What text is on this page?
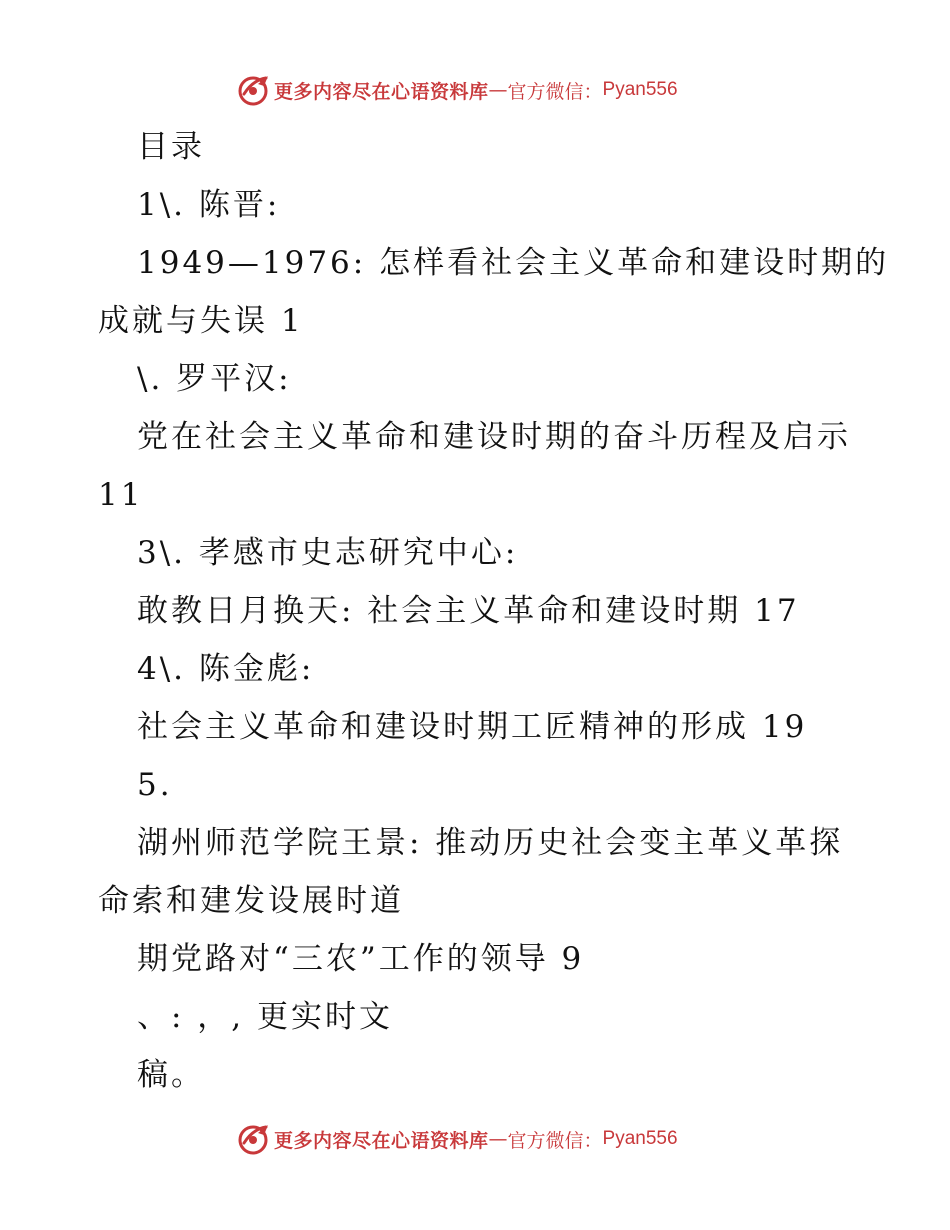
更多内容尽在心语资料库 — 官方微信： Pyan556
目录
1\. 陈晋:
1949—1976: 怎样看社会主义革命和建设时期的
成就与失误 1
\. 罗平汉:
党在社会主义革命和建设时期的奋斗历程及启示
11
3\. 孝感市史志研究中心:
敢教日月换天: 社会主义革命和建设时期 17
4\. 陈金彪:
社会主义革命和建设时期工匠精神的形成 19
5.
湖州师范学院王景: 推动历史社会变主革义革探
命索和建发设展时道
期党路对“三农”工作的领导 9
、: ，, 更实时文
稿。
更多内容尽在心语资料库 — 官方微信： Pyan556
